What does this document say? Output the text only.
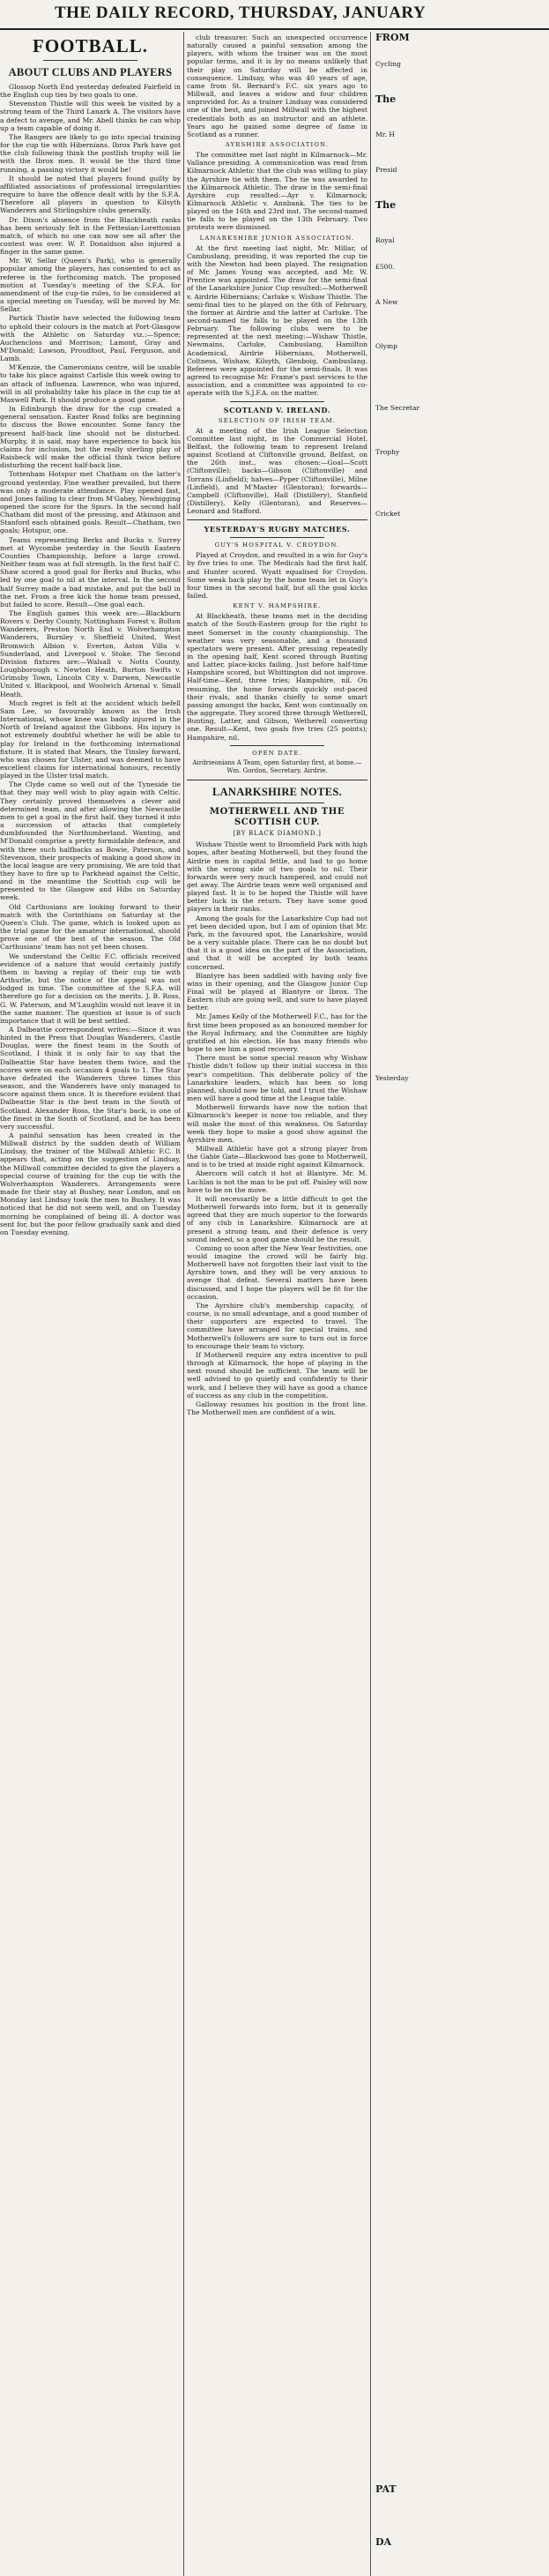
THE DAILY RECORD, THURSDAY, JANUARY
FOOTBALL.
ABOUT CLUBS AND PLAYERS

Glossop North End yesterday defeated Fairfield in the English cup ties by two goals to one.

Stevenston Thistle will this week be visited by a strong team of the Third Lanark A. The visitors have a defect to avenge, and Mr. Abell thinks he can whip up a team capable of doing it.

The Rangers are likely to go into special training for the cup tie with Hibernians. Ibrox Park have got the club following think the postlish trophy will lie with the Ibrox men. It would be the third time running, a passing victory it would be!

It should be noted that players found guilty by affiliated associations of professional irregularities require to have the offence dealt with by the S.F.A. Therefore all players in question to Kilsyth Wanderers and Stirlingshire clubs generally.

Dr. Dixon's absence from the Blackheath ranks has been seriously felt in the Fettesian-Lorettonian match, of which no one can now see all after the contest was over. W. P. Donaldson also injured a finger in the same game.

Mr. W. Sellar (Queen's Park), who is generally popular among the players, has consented to act as referee in the forthcoming match. The proposed motion at Tuesday's meeting of the S.F.A. for amendment of the cup-tie rules, to be considered at a special meeting on Tuesday, will be moved by Mr. Sellar.

Partick Thistle have selected the following team to uphold their colours in the match at Port-Glasgow with the Athletic on Saturday viz.:—Spence; Auchencloss and Morrison; Lamont, Gray and M'Donald; Lawson, Proudfoot, Paul, Ferguson, and Lamb.

M'Kenzie, the Cameronians centre, will be unable to take his place against Carlisle this week owing to an attack of influenza. Lawrence, who was injured, will in all probability take his place in the cup tie at Maxwell Park. It should produce a good game.

In Edinburgh the draw for the cup created a general sensation. Easter Road folks are beginning to discuss the Bowe encounter. Some fancy the present half-back line should not be disturbed. Murphy, it is said, may have experience to back his claims for inclusion, but the really sterling play of Raisbeck will make the official think twice before disturbing the recent half-back line.

Tottenham Hotspur met Chatham on the latter's ground yesterday. Fine weather prevailed, but there was only a moderate attendance. Play opened fast, and Jones failing to clear from M'Gahey, Newbigging opened the score for the Spurs. In the second half Chatham did most of the pressing, and Atkinson and Stanford each obtained goals. Result—Chatham, two goals; Hotspur, one.

Teams representing Berks and Bucks v. Surrey met at Wycombe yesterday in the South Eastern Counties Championship, before a large crowd. Neither team was at full strength. In the first half C. Shaw scored a good goal for Berks and Bucks, who led by one goal to nil at the interval. In the second half Surrey made a bad mistake, and put the ball in the net. From a free kick the home team pressed, but failed to score. Result—One goal each.

The English games this week are:—Blackburn Rovers v. Derby County, Nottingham Forest v. Bolton Wanderers, Preston North End v. Wolverhampton Wanderers, Burnley v. Sheffield United, West Bromwich Albion v. Everton, Aston Villa v. Sunderland, and Liverpool v. Stoke. The Second Division fixtures are:—Walsall v. Notts County, Loughborough v. Newton Heath, Burton Swifts v. Grimsby Town, Lincoln City v. Darwen, Newcastle United v. Blackpool, and Woolwich Arsenal v. Small Heath.

Much regret is felt at the accident which befell Sam Lee, so favourably known as the Irish International, whose knee was badly injured in the North of Ireland against the Gibbons. His injury is not extremely doubtful whether he will be able to play for Ireland in the forthcoming international fixture. It is stated that Mears, the Tinsley forward, who was chosen for Ulster, and was deemed to have excellent claims for international honours, recently played in the Ulster trial match.

The Clyde came so well out of the Tyneside tie that they may well wish to play again with Celtic. They certainly proved themselves a clever and determined team, and after allowing the Newcastle men to get a goal in the first half, they turned it into a succession of attacks that completely dumbfounded the Northumberland. Wanting, and M'Donald comprise a pretty formidable defence, and with three such halfbacks as Bowie, Paterson, and Stevenson, their prospects of making a good show in the local league are very promising. We are told that they have to fire up to Parkhead against the Celtic, and in the meantime the Scottish cup will be presented to the Glasgow and Hibs on Saturday week.

Old Carthusians are looking forward to their match with the Corinthians on Saturday at the Queen's Club. The game, which is looked upon as the trial game for the amateur international, should prove one of the best of the season. The Old Carthusians' team has not yet been chosen.

We understand the Celtic F.C. officials received evidence of a nature that would certainly justify them in having a replay of their cup tie with Arthurlie, but the notice of the appeal was not lodged in time. The committee of the S.F.A. will therefore go for a decision on the merits. J. B. Ross, G. W. Paterson, and M'Laughlin would not leave it in the same manner. The question at issue is of such importance that it will be best settled.

A Dalbeattie correspondent writes:—Since it was hinted in the Press that Douglas Wanderers, Castle Douglas, were the finest team in the South of Scotland, I think it is only fair to say that the Dalbeattie Star have beaten them twice, and the scores were on each occasion 4 goals to 1. The Star have defeated the Wanderers three times this season, and the Wanderers have only managed to score against them once. It is therefore evident that Dalbeattie Star is the best team in the South of Scotland. Alexander Ross, the Star's back, is one of the finest in the South of Scotland, and he has been very successful.

A painful sensation has been created in the Millwall district by the sudden death of William Lindsay, the trainer of the Millwall Athletic F.C. It appears that, acting on the suggestion of Lindsay, the Millwall committee decided to give the players a special course of training for the cup tie with the Wolverhampton Wanderers. Arrangements were made for their stay at Bushey, near London, and on Monday last Lindsay took the men to Bushey. It was noticed that he did not seem well, and on Tuesday morning he complained of being ill. A doctor was sent for, but the poor fellow gradually sank and died on Tuesday evening.

club treasurer. Such an unexpected occurrence naturally caused a painful sensation among the players, with whom the trainer was on the most popular terms, and it is by no means unlikely that their play on Saturday will be affected in consequence. Lindsay, who was 40 years of age, came from St. Bernard's F.C. six years ago to Millwall, and leaves a widow and four children unprovided for. As a trainer Lindsay was considered one of the best, and joined Millwall with the highest credentials both as an instructor and an athlete. Years ago he gained some degree of fame in Scotland as a runner.

AYRSHIRE ASSOCIATION.

The committee met last night in Kilmarnock—Mr. Vallance presiding. A communication was read from Kilmarnock Athletic that the club was willing to play the Ayrshire tie with them. The tie was awarded to the Kilmarnock Athletic. The draw in the semi-final Ayrshire cup resulted:—Ayr v. Kilmarnock; Kilmarnock Athletic v. Annbank. The ties to be played on the 16th and 23rd inst. The second-named tie falls to be played on the 13th February. Two protests were dismissed.

LANARKSHIRE JUNIOR ASSOCIATION.

At the first meeting last night, Mr. Millar, of Cambuslang, presiding, it was reported the cup tie with the Newton had been played. The resignation of Mr. James Young was accepted, and Mr. W. Prentice was appointed. The draw for the semi-final of the Lanarkshire Junior Cup resulted:—Motherwell v. Airdrie Hibernians; Carluke v. Wishaw Thistle. The semi-final ties to be played on the 6th of February, the former at Airdrie and the latter at Carluke. The second-named tie falls to be played on the 13th February. The following clubs were to be represented at the next meeting:—Wishaw Thistle, Newmains, Carluke, Cambuslang, Hamilton Academical, Airdrie Hibernians, Motherwell, Coltness, Wishaw, Kilsyth, Glenboig, Cambuslang. Referees were appointed for the semi-finals. It was agreed to recognise Mr. Frame's past services to the association, and a committee was appointed to co-operate with the S.J.F.A. on the matter.

SCOTLAND V. IRELAND.
SELECTION OF IRISH TEAM.

At a meeting of the Irish League Selection Committee last night, in the Commercial Hotel, Belfast, the following team to represent Ireland against Scotland at Cliftonville ground, Belfast, on the 26th inst., was chosen:—Goal—Scott (Cliftonville); backs—Gibson (Cliftonville) and Torrans (Linfield); halves—Pyper (Cliftonville), Milne (Linfield), and M'Master (Glentoran); forwards—Campbell (Cliftonville), Hall (Distillery), Stanfield (Distillery), Kelly (Glentoran), and Reserves—Leonard and Stafford.

YESTERDAY'S RUGBY MATCHES.
GUY'S HOSPITAL V. CROYDON.

Played at Croydon, and resulted in a win for Guy's by five tries to one. The Medicals had the first half, and Hunter scored. Wyatt equalised for Croydon. Some weak back play by the home team let in Guy's four times in the second half, but all the goal kicks failed.

KENT V. HAMPSHIRE.

At Blackheath, these teams met in the deciding match of the South-Eastern group for the right to meet Somerset in the county championship. The weather was very seasonable, and a thousand spectators were present. After pressing repeatedly in the opening half, Kent scored through Bunting and Latter, place-kicks failing. Just before half-time Hampshire scored, but Whittington did not improve. Half-time—Kent, three tries; Hampshire, nil. On resuming, the home forwards quickly out-paced their rivals, and thanks chiefly to some smart passing amongst the backs, Kent won continually on the aggregate. They scored three through Wetherell, Bunting, Latter, and Gibson, Wetherell converting one. Result—Kent, two goals five tries (25 points); Hampshire, nil.

OPEN DATE.

Airdrieonians A Team, open Saturday first, at home.—Wm. Gordon, Secretary, Airdrie.

LANARKSHIRE NOTES.
MOTHERWELL AND THE SCOTTISH CUP.
[BY BLACK DIAMOND.]

Wishaw Thistle went to Broomfield Park with high hopes, after beating Motherwell, but they found the Airdrie men in capital fettle, and had to go home with the wrong side of two goals to nil. Their forwards were very much hampered, and could not get away. The Airdrie team were well organised and played fast. It is to be hoped the Thistle will have better luck in the return. They have some good players in their ranks.

Among the goals for the Lanarkshire Cup had not yet been decided upon, but I am of opinion that Mr. Park, in the favoured spot, the Lanarkshire, would be a very suitable place. There can be no doubt but that it is a good idea on the part of the Association, and that it will be accepted by both teams concerned.

Blantyre has been saddled with having only five wins in their opening, and the Glasgow Junior Cup Final will be played at Blantyre or Ibrox. The Eastern club are going well, and sure to have played better.

Mr. James Kelly of the Motherwell F.C., has for the first time been proposed as an honoured member for the Royal Infirmary, and the Committee are highly gratified at his election. He has many friends who hope to see him a good recovery.

There must be some special reason why Wishaw Thistle didn't follow up their initial success in this year's competition. This deliberate policy of the Lanarkshire leaders, which has been so long planned, should now be told, and I trust the Wishaw men will have a good time at the League table.

Motherwell forwards have now the notion that Kilmarnock's keeper is none too reliable, and they will make the most of this weakness. On Saturday week they hope to make a good show against the Ayrshire men.

Millwall Athletic have got a strong player from the Gable Gate—Blackwood has gone to Motherwell, and is to be tried at inside right against Kilmarnock.

Abercorn will catch it hot at Blantyre. Mr. M. Lachlan is not the man to be put off. Paisley will now have to be on the move.

It will necessarily be a little difficult to get the Motherwell forwards into form, but it is generally agreed that they are much superior to the forwards of any club in Lanarkshire. Kilmarnock are at present a strong team, and their defence is very sound indeed, so a good game should be the result.

Coming so soon after the New Year festivities, one would imagine the crowd will be fairly big. Motherwell have not forgotten their last visit to the Ayrshire town, and they will be very anxious to avenge that defeat. Several matters have been discussed, and I hope the players will be fit for the occasion.

The Ayrshire club's membership capacity, of course, is no small advantage, and a good number of their supporters are expected to travel. The committee have arranged for special trains, and Motherwell's followers are sure to turn out in force to encourage their team to victory.

If Motherwell require any extra incentive to pull through at Kilmarnock, the hope of playing in the next round should be sufficient. The team will be well advised to go quietly and confidently to their work, and I believe they will have as good a chance of success as any club in the competition.

Galloway resumes his position in the front line. The Motherwell men are confident of a win.

FROM

Cycling

The

Mr. H

Presid

The

Royal

£500.

A New

Olymp

The Secretar

Trophy

Cricket

Yesterday

PAT

DA
